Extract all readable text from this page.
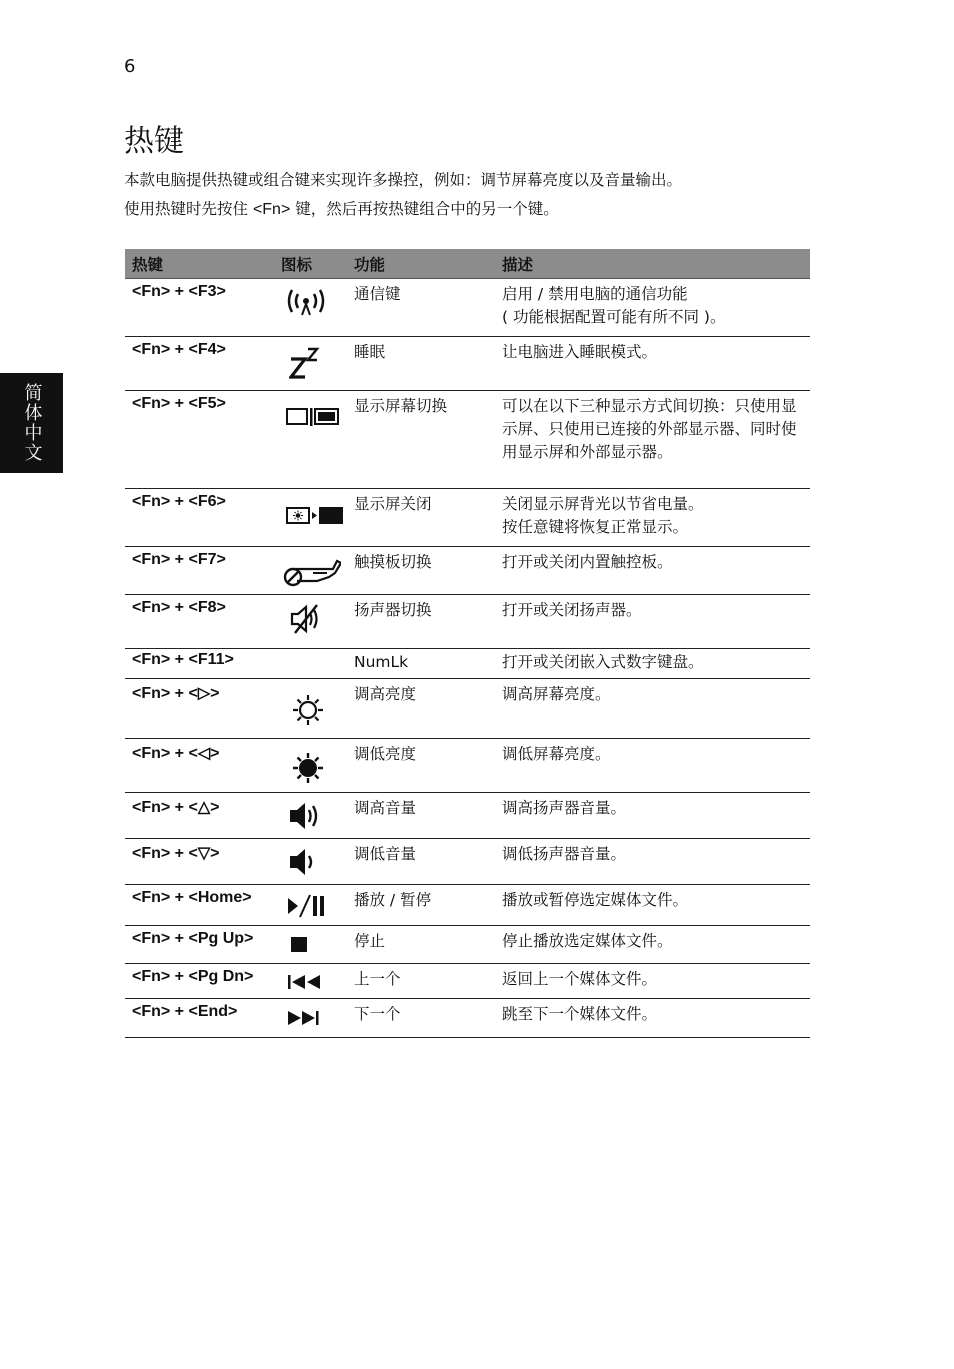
6
简体中文
热键

本款电脑提供热键或组合键来实现许多操控，例如：调节屏幕亮度以及音量输出。

使用热键时先按住 <Fn> 键，然后再按热键组合中的另一个键。

热键	图标	功能	描述
<Fn> + <F3>	通信键	启用 / 禁用电脑的通信功能
( 功能根据配置可能有所不同 )。
<Fn> + <F4>	睡眠	让电脑进入睡眠模式。
<Fn> + <F5>	显示屏幕切换	可以在以下三种显示方式间切换：只使用显示屏、只使用已连接的外部显示器、同时使用显示屏和外部显示器。
<Fn> + <F6>	显示屏关闭	关闭显示屏背光以节省电量。
按任意键将恢复正常显示。
<Fn> + <F7>	触摸板切换	打开或关闭内置触控板。
<Fn> + <F8>	扬声器切换	打开或关闭扬声器。
<Fn> + <F11>	NumLk	打开或关闭嵌入式数字键盘。
<Fn> + <▷>	调高亮度	调高屏幕亮度。
<Fn> + <◁>	调低亮度	调低屏幕亮度。
<Fn> + <△>	调高音量	调高扬声器音量。
<Fn> + <▽>	调低音量	调低扬声器音量。
<Fn> + <Home>	播放 / 暂停	播放或暂停选定媒体文件。
<Fn> + <Pg Up>	停止	停止播放选定媒体文件。
<Fn> + <Pg Dn>	上一个	返回上一个媒体文件。
<Fn> + <End>	下一个	跳至下一个媒体文件。
